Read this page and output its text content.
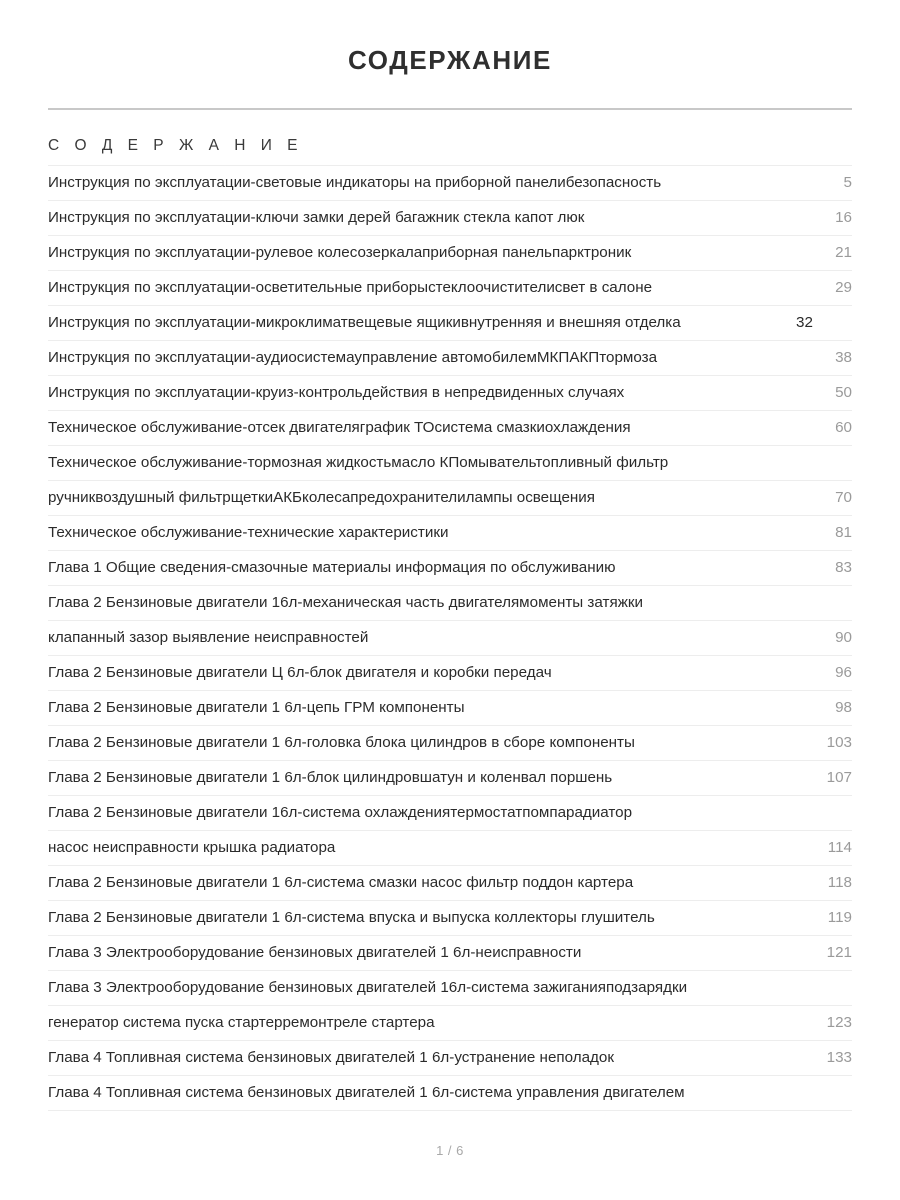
СОДЕРЖАНИЕ
С О Д Е Р Ж А Н И Е
Инструкция по эксплуатации-световые индикаторы на приборной панелибезопасность	5
Инструкция по эксплуатации-ключи замки дерей багажник стекла капот люк	16
Инструкция по эксплуатации-рулевое колесозеркалаприборная панельпарктроник	21
Инструкция по эксплуатации-осветительные приборыстеклоочистителисвет в салоне	29
Инструкция по эксплуатации-микроклиматвещевые ящикивнутренняя и внешняя отделка	32
Инструкция по эксплуатации-аудиосистемауправление автомобилемМКПАКПтормоза	38
Инструкция по эксплуатации-круиз-контрольдействия в непредвиденных случаях	50
Техническое обслуживание-отсек двигателяграфик ТОсистема смазкиохлаждения	60
Техническое обслуживание-тормозная жидкостьмасло КПомывательтопливный фильтр	
ручниквоздушный фильтрщеткиАКБколесапредохранителилампы освещения	70
Техническое обслуживание-технические характеристики	81
Глава 1 Общие сведения-смазочные материалы информация по обслуживанию	83
Глава 2 Бензиновые двигатели 16л-механическая часть двигателямоменты затяжки	
клапанный зазор выявление неисправностей	90
Глава 2 Бензиновые двигатели Ц 6л-блок двигателя и коробки передач	96
Глава 2 Бензиновые двигатели 1 6л-цепь ГРМ компоненты	98
Глава 2 Бензиновые двигатели 1 6л-головка блока цилиндров в сборе компоненты	103
Глава 2 Бензиновые двигатели 1 6л-блок цилиндровшатун и коленвал поршень	107
Глава 2 Бензиновые двигатели 16л-система охлаждениятермостатпомпарадиатор	
насос неисправности крышка радиатора	114
Глава 2 Бензиновые двигатели 1 6л-система смазки насос фильтр поддон картера	118
Глава 2 Бензиновые двигатели 1 6л-система впуска и выпуска коллекторы глушитель	119
Глава 3 Электрооборудование бензиновых двигателей 1 6л-неисправности	121
Глава 3 Электрооборудование бензиновых двигателей 16л-система зажиганияподзарядки	
генератор система пуска стартерремонтреле стартера	123
Глава 4 Топливная система бензиновых двигателей 1 6л-устранение неполадок	133
Глава 4 Топливная система бензиновых двигателей 1 6л-система управления двигателем	
1 / 6
